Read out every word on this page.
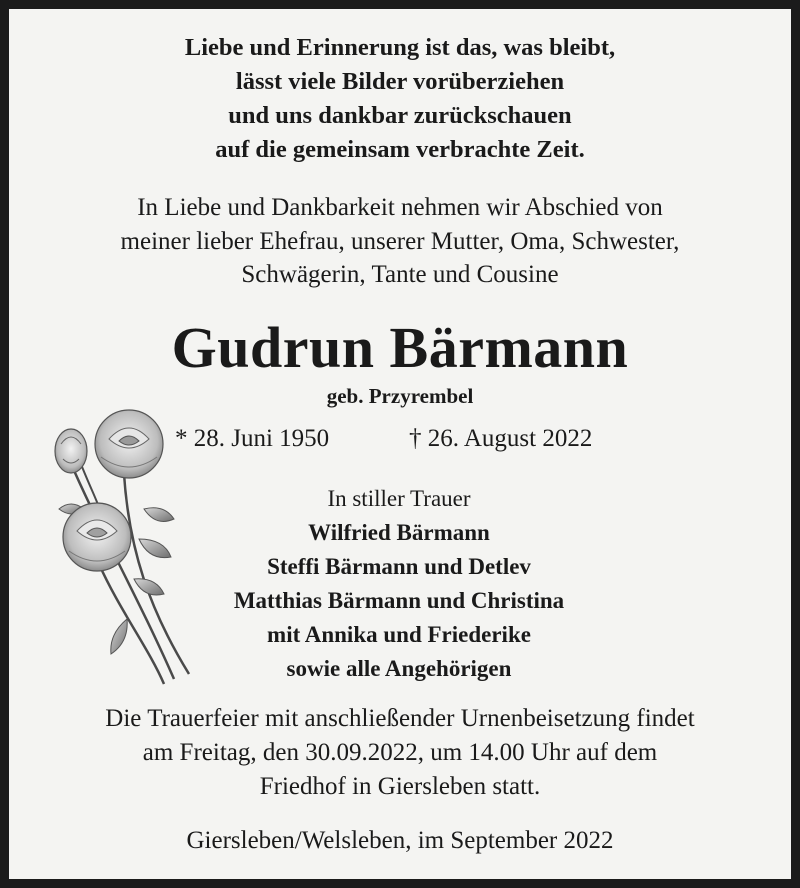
Liebe und Erinnerung ist das, was bleibt,
lässt viele Bilder vorüberziehen
und uns dankbar zurückschauen
auf die gemeinsam verbrachte Zeit.
In Liebe und Dankbarkeit nehmen wir Abschied von
meiner lieber Ehefrau, unserer Mutter, Oma, Schwester,
Schwägerin, Tante und Cousine
Gudrun Bärmann
geb. Przyrembel
* 28. Juni 1950	† 26. August 2022
In stiller Trauer
Wilfried Bärmann
Steffi Bärmann und Detlev
Matthias Bärmann und Christina
mit Annika und Friederike
sowie alle Angehörigen
Die Trauerfeier mit anschließender Urnenbeisetzung findet
am Freitag, den 30.09.2022, um 14.00 Uhr auf dem
Friedhof in Giersleben statt.
Giersleben/Welsleben, im September 2022
